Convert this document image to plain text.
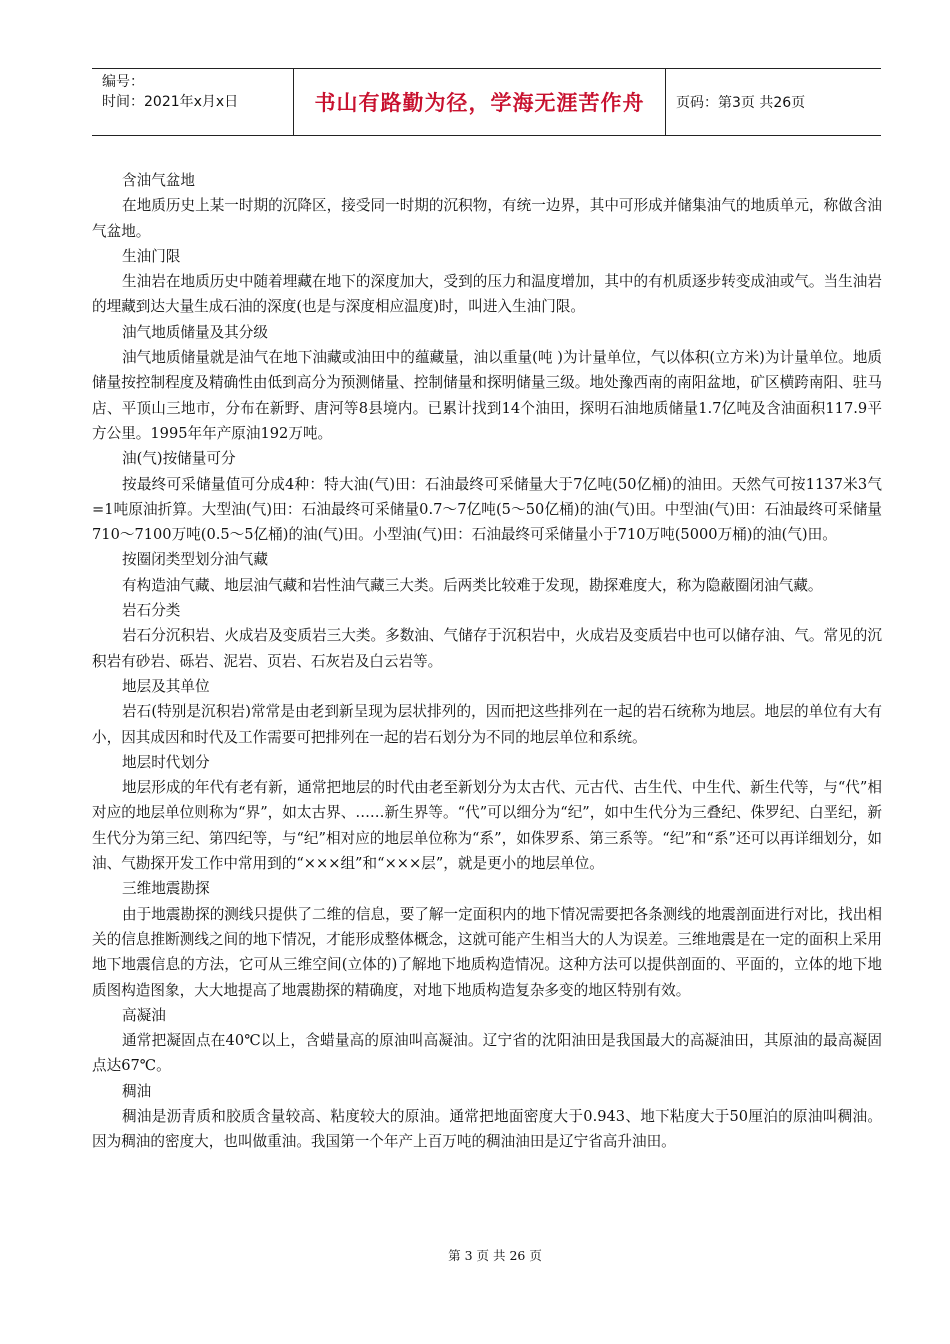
编号：
时间：2021年x月x日	书山有路勤为径，学海无涯苦作舟 页码：第3页 共26页

含油气盆地

在地质历史上某一时期的沉降区，接受同一时期的沉积物，有统一边界，其中可形成并储集油气的地质单元，称做含油气盆地。

生油门限

生油岩在地质历史中随着埋藏在地下的深度加大，受到的压力和温度增加，其中的有机质逐步转变成油或气。当生油岩的埋藏到达大量生成石油的深度(也是与深度相应温度)时，叫进入生油门限。

油气地质储量及其分级

油气地质储量就是油气在地下油藏或油田中的蕴藏量，油以重量(吨 )为计量单位，气以体积(立方米)为计量单位。地质储量按控制程度及精确性由低到高分为预测储量、控制储量和探明储量三级。地处豫西南的南阳盆地，矿区横跨南阳、驻马店、平顶山三地市，分布在新野、唐河等8县境内。已累计找到14个油田，探明石油地质储量1.7亿吨及含油面积117.9平方公里。1995年年产原油192万吨。

油(气)按储量可分

按最终可采储量值可分成4种：特大油(气)田：石油最终可采储量大于7亿吨(50亿桶)的油田。天然气可按1137米3气=1吨原油折算。大型油(气)田：石油最终可采储量0.7～7亿吨(5～50亿桶)的油(气)田。中型油(气)田：石油最终可采储量710～7100万吨(0.5～5亿桶)的油(气)田。小型油(气)田：石油最终可采储量小于710万吨(5000万桶)的油(气)田。

按圈闭类型划分油气藏

有构造油气藏、地层油气藏和岩性油气藏三大类。后两类比较难于发现，勘探难度大，称为隐蔽圈闭油气藏。

岩石分类

岩石分沉积岩、火成岩及变质岩三大类。多数油、气储存于沉积岩中，火成岩及变质岩中也可以储存油、气。常见的沉积岩有砂岩、砾岩、泥岩、页岩、石灰岩及白云岩等。

地层及其单位

岩石(特别是沉积岩)常常是由老到新呈现为层状排列的，因而把这些排列在一起的岩石统称为地层。地层的单位有大有小，因其成因和时代及工作需要可把排列在一起的岩石划分为不同的地层单位和系统。

地层时代划分

地层形成的年代有老有新，通常把地层的时代由老至新划分为太古代、元古代、古生代、中生代、新生代等，与“代”相对应的地层单位则称为“界”，如太古界、……新生界等。“代”可以细分为“纪”，如中生代分为三叠纪、侏罗纪、白垩纪，新生代分为第三纪、第四纪等，与“纪”相对应的地层单位称为“系”，如侏罗系、第三系等。“纪”和“系”还可以再详细划分，如油、气勘探开发工作中常用到的“×××组”和“×××层”，就是更小的地层单位。

三维地震勘探

由于地震勘探的测线只提供了二维的信息，要了解一定面积内的地下情况需要把各条测线的地震剖面进行对比，找出相关的信息推断测线之间的地下情况，才能形成整体概念，这就可能产生相当大的人为误差。三维地震是在一定的面积上采用地下地震信息的方法，它可从三维空间(立体的)了解地下地质构造情况。这种方法可以提供剖面的、平面的，立体的地下地质图构造图象，大大地提高了地震勘探的精确度，对地下地质构造复杂多变的地区特别有效。

高凝油

通常把凝固点在40℃以上，含蜡量高的原油叫高凝油。辽宁省的沈阳油田是我国最大的高凝油田，其原油的最高凝固点达67℃。

稠油

稠油是沥青质和胶质含量较高、粘度较大的原油。通常把地面密度大于0.943、地下粘度大于50厘泊的原油叫稠油。因为稠油的密度大，也叫做重油。我国第一个年产上百万吨的稠油油田是辽宁省高升油田。

第 3 页 共 26 页
